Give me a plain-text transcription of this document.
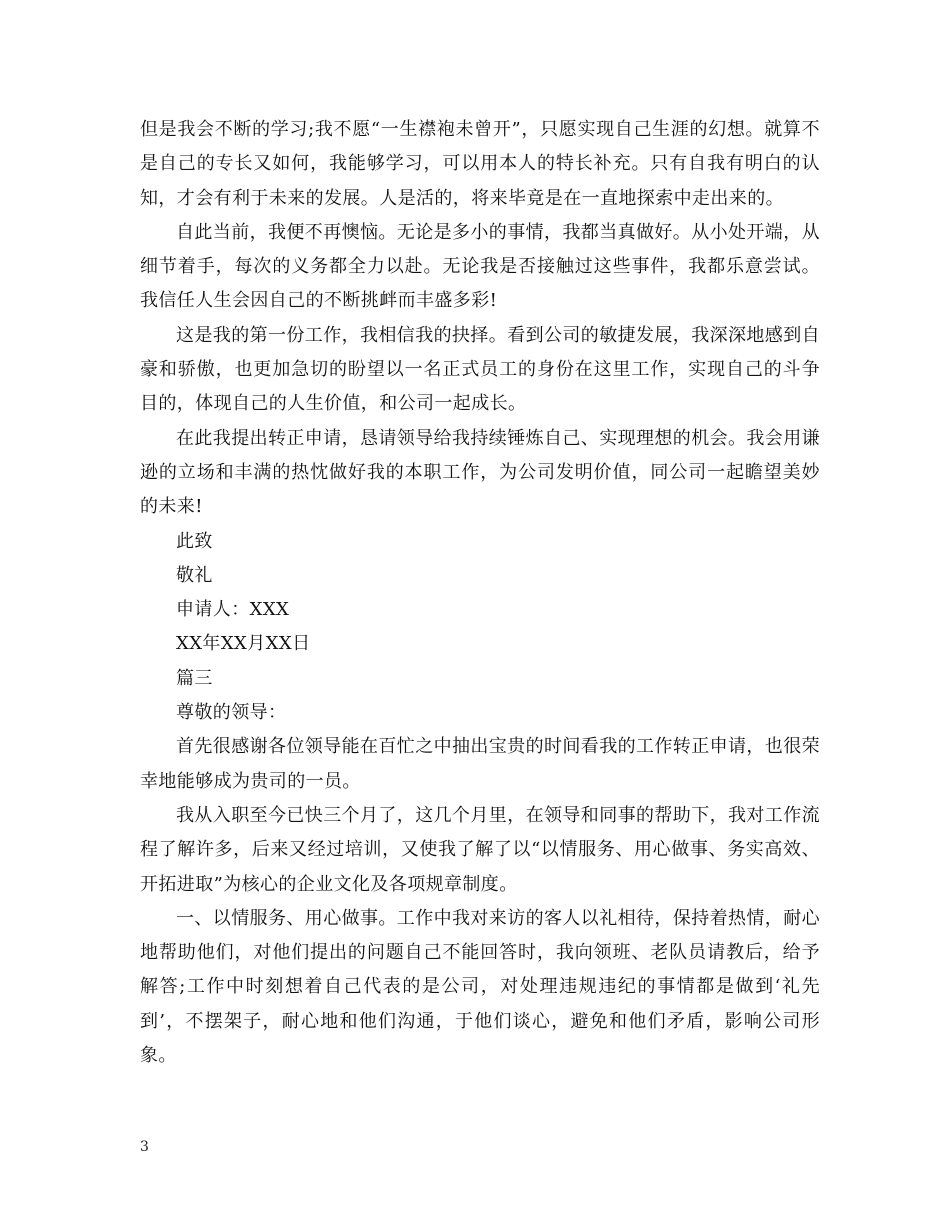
但是我会不断的学习;我不愿“一生襟袍未曾开”，只愿实现自己生涯的幻想。就算不是自己的专长又如何，我能够学习，可以用本人的特长补充。只有自我有明白的认知，才会有利于未来的发展。人是活的，将来毕竟是在一直地探索中走出来的。

自此当前，我便不再懊恼。无论是多小的事情，我都当真做好。从小处开端，从细节着手，每次的义务都全力以赴。无论我是否接触过这些事件，我都乐意尝试。我信任人生会因自己的不断挑衅而丰盛多彩!

这是我的第一份工作，我相信我的抉择。看到公司的敏捷发展，我深深地感到自豪和骄傲，也更加急切的盼望以一名正式员工的身份在这里工作，实现自己的斗争目的，体现自己的人生价值，和公司一起成长。

在此我提出转正申请，恳请领导给我持续锤炼自己、实现理想的机会。我会用谦逊的立场和丰满的热忱做好我的本职工作，为公司发明价值，同公司一起瞻望美妙的未来!

此致

敬礼

申请人：XXX

XX年XX月XX日

篇三

尊敬的领导：

首先很感谢各位领导能在百忙之中抽出宝贵的时间看我的工作转正申请，也很荣幸地能够成为贵司的一员。

我从入职至今已快三个月了，这几个月里，在领导和同事的帮助下，我对工作流程了解许多，后来又经过培训，又使我了解了以“以情服务、用心做事、务实高效、开拓进取”为核心的企业文化及各项规章制度。

一、以情服务、用心做事。工作中我对来访的客人以礼相待，保持着热情，耐心地帮助他们，对他们提出的问题自己不能回答时，我向领班、老队员请教后，给予解答;工作中时刻想着自己代表的是公司，对处理违规违纪的事情都是做到‘礼先到’，不摆架子，耐心地和他们沟通，于他们谈心，避免和他们矛盾，影响公司形象。

3
